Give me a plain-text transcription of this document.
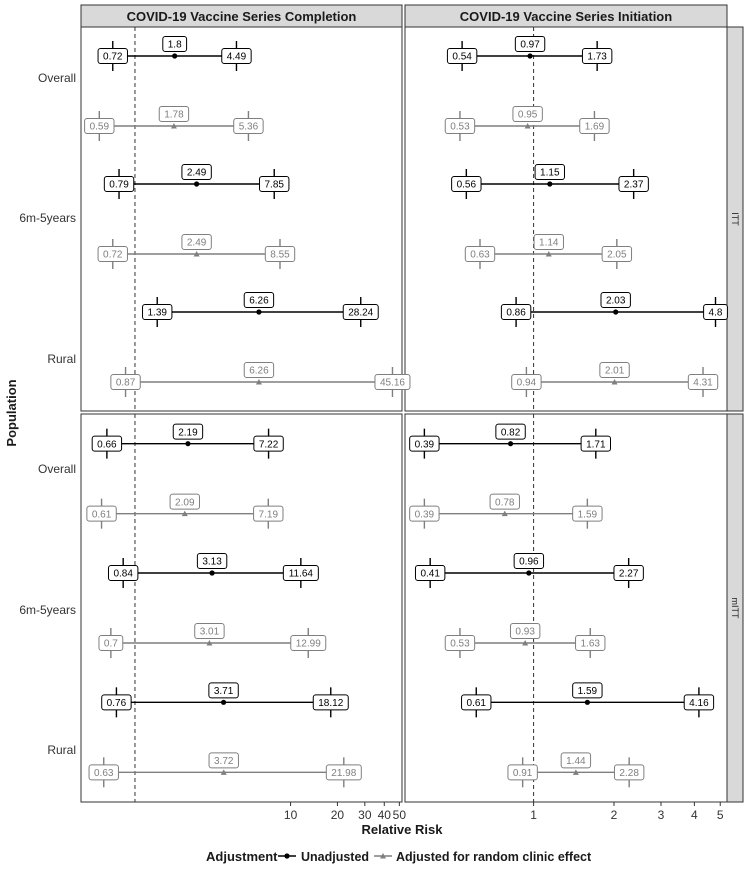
COVID-19 Vaccine Series Completion	COVID-19 Vaccine Series Initiation
ITT
mITT
0.72	4.49
1.8
0.59	5.36
1.78
0.79	7.85
2.49
0.72	8.55
2.49
1.39	28.24
6.26
0.87	45.16
6.26
0.54	1.73
0.97
0.53	1.69
0.95
0.56	2.37
1.15
0.63	2.05
1.14
0.86	4.8
2.03
0.94	4.31
2.01
0.66	7.22
2.19
0.61	7.19
2.09
0.84	11.64
3.13
0.7	12.99
3.01
0.76	18.12
3.71
0.63	21.98
3.72
10	20 30 40 50
0.39	1.71
0.82
0.39	1.59
0.78
0.41	2.27
0.96
0.53	1.63
0.93
0.61	4.16
1.59
0.91	2.28
1.44
1	2	3 4 5
Overall
6m-5years
Rural
Overall
6m-5years
Rural
Population
Relative Risk
Adjustment Unadjusted Adjusted for random clinic effect
